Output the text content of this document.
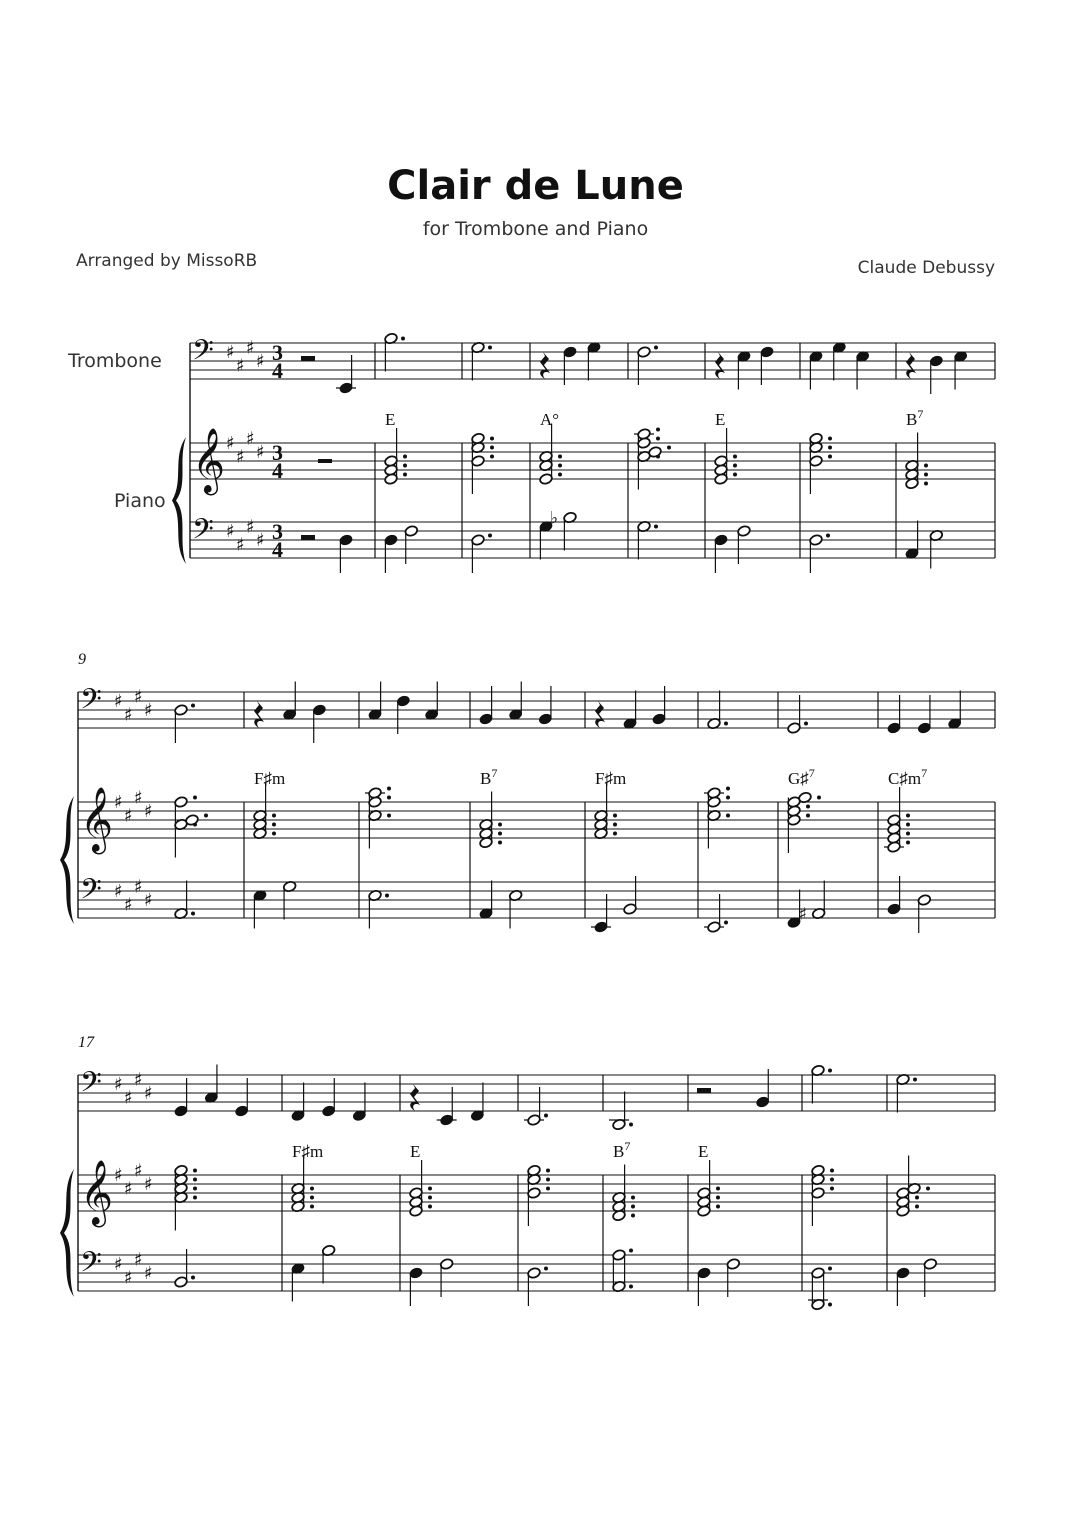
Clair de Lune
for Trombone and Piano
Arranged by MissoRB	Claude Debussy
Trombone
Piano
𝄢
𝄞
𝄢
♯
♯
♯
♯
♯
♯
♯
♯
♯
♯
♯
♯
3
4
3
4
3
4
E	A°
♭
E	$B^7$
𝄢
𝄞
𝄢
♯
♯
♯
♯
♯
♯
♯
♯
♯
♯
♯
♯
9
F♯m	$B^7$	F♯m	G♯$^7$
♯
$C♯m^7$
𝄢
𝄞
𝄢
♯
♯
♯
♯
♯
♯
♯
♯
♯
♯
♯
♯
17
F♯m	E	$B^7$	E
